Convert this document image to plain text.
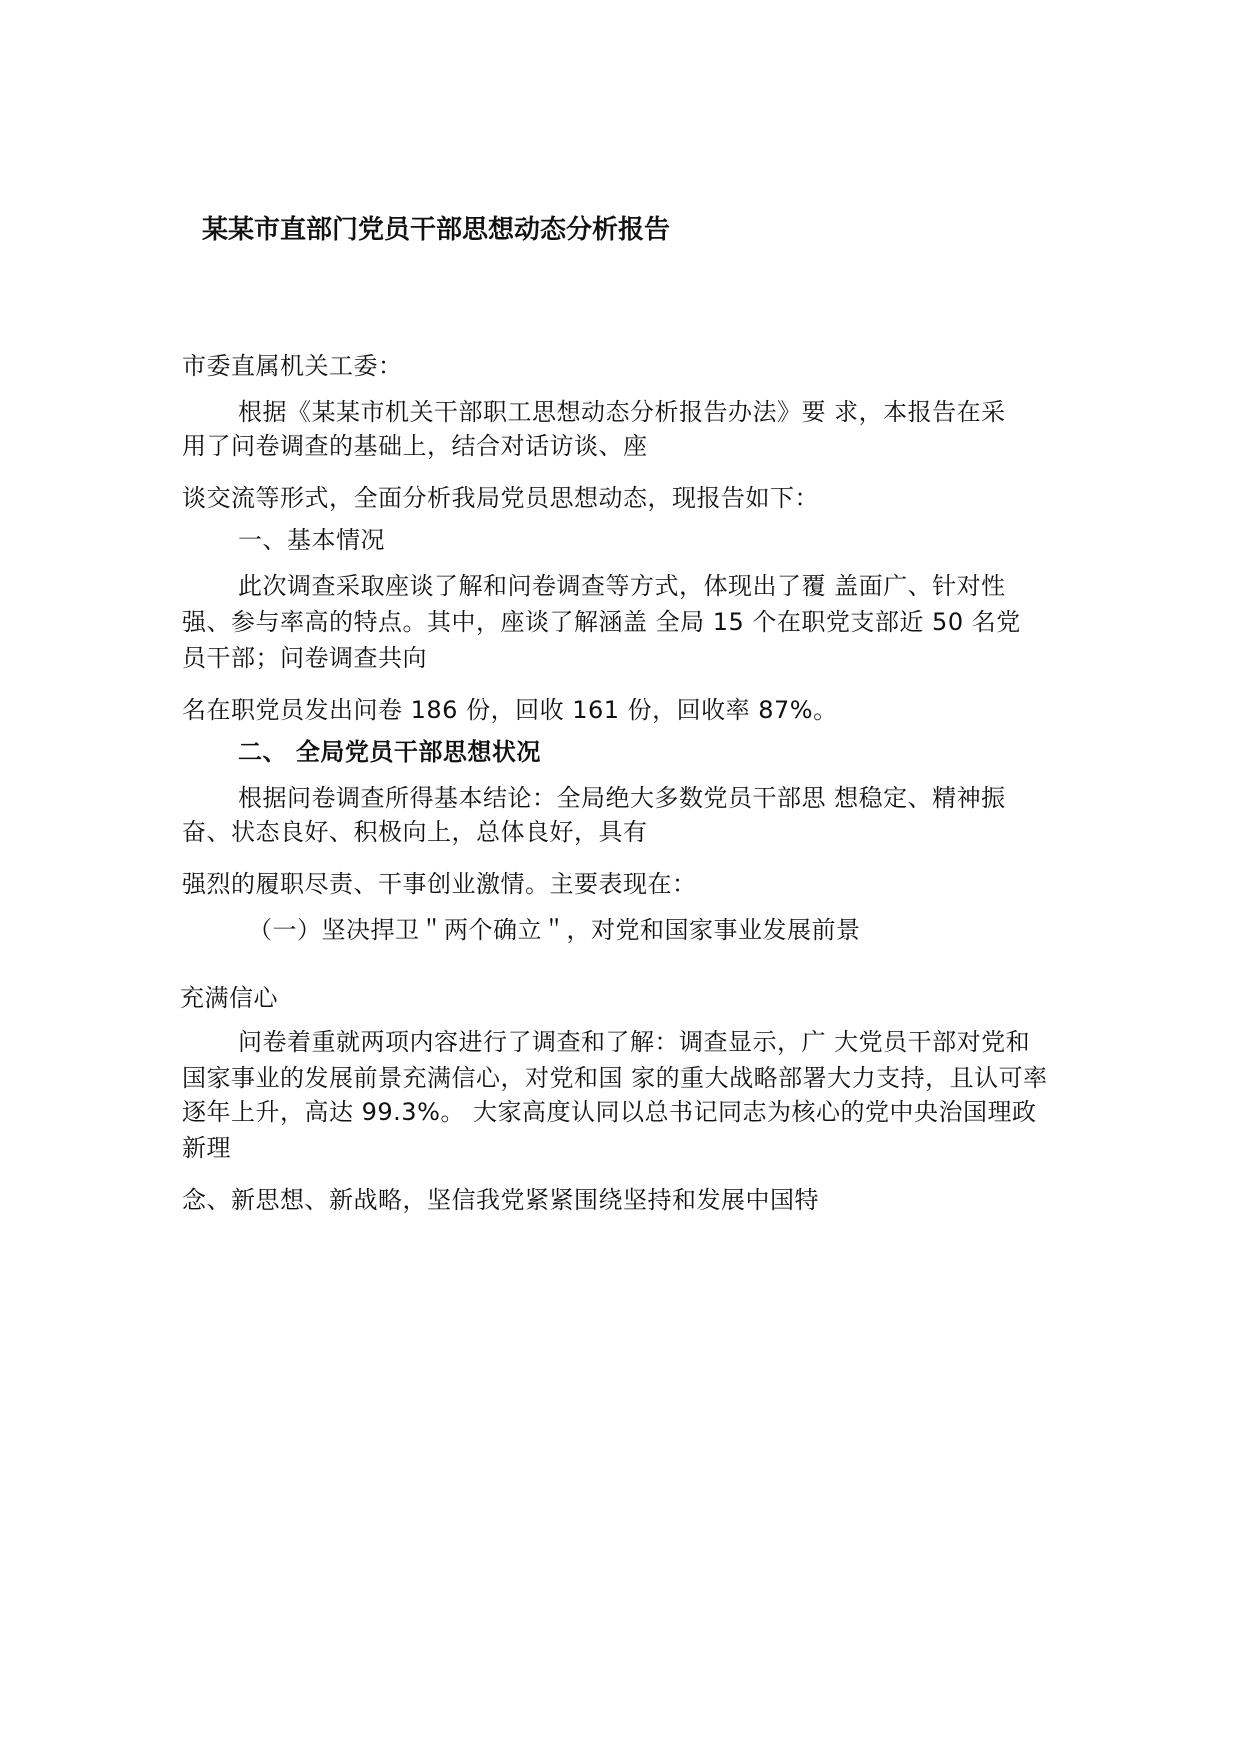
某某市直部门党员干部思想动态分析报告
市委直属机关工委：
根据《某某市机关干部职工思想动态分析报告办法》要 求，本报告在采
用了问卷调查的基础上，结合对话访谈、座
谈交流等形式，全面分析我局党员思想动态，现报告如下：
一、基本情况
此次调查采取座谈了解和问卷调查等方式，体现出了覆 盖面广、针对性
强、参与率高的特点。其中，座谈了解涵盖 全局 15 个在职党支部近 50 名党
员干部；问卷调查共向
名在职党员发出问卷 186 份，回收 161 份，回收率 87%。
二、 全局党员干部思想状况
根据问卷调查所得基本结论：全局绝大多数党员干部思 想稳定、精神振
奋、状态良好、积极向上，总体良好，具有
强烈的履职尽责、干事创业激情。主要表现在：
（一）坚决捍卫＂两个确立＂，对党和国家事业发展前景
充满信心
问卷着重就两项内容进行了调查和了解：调查显示，广 大党员干部对党和
国家事业的发展前景充满信心，对党和国 家的重大战略部署大力支持，且认可率
逐年上升，高达 99.3%。 大家高度认同以总书记同志为核心的党中央治国理政
新理
念、新思想、新战略，坚信我党紧紧围绕坚持和发展中国特
